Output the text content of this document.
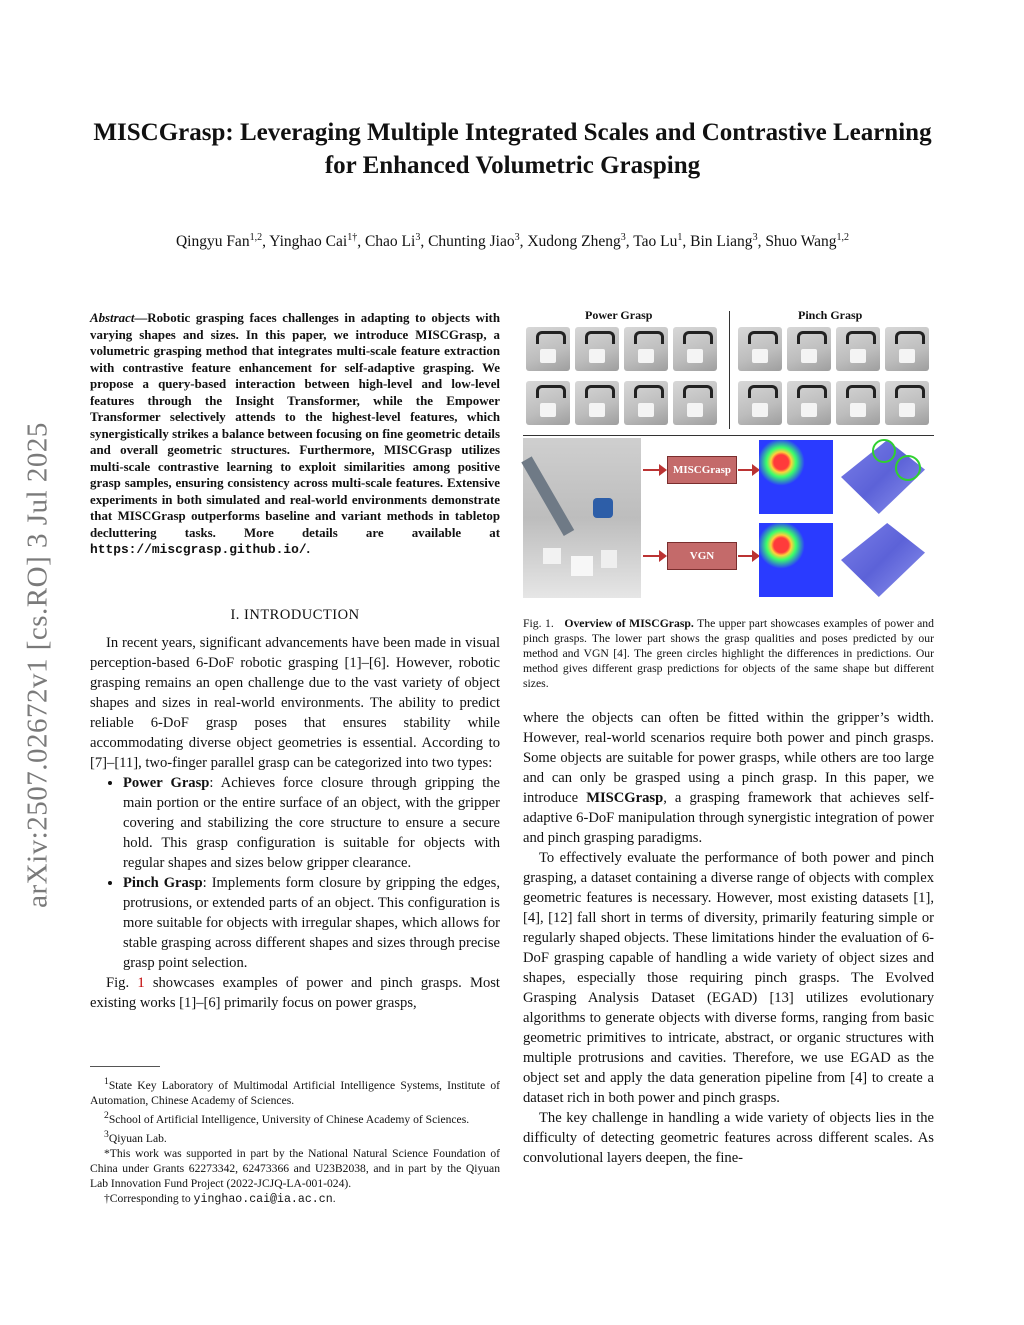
arXiv:2507.02672v1 [cs.RO] 3 Jul 2025
MISCGrasp: Leveraging Multiple Integrated Scales and Contrastive Learning for Enhanced Volumetric Grasping
Qingyu Fan$^{1,2}$, Yinghao Cai$^{1\dagger}$, Chao Li$^3$, Chunting Jiao$^3$, Xudong Zheng$^3$, Tao Lu$^1$, Bin Liang$^3$, Shuo Wang$^{1,2}$
Abstract—Robotic grasping faces challenges in adapting to objects with varying shapes and sizes. In this paper, we introduce MISCGrasp, a volumetric grasping method that integrates multi-scale feature extraction with contrastive feature enhancement for self-adaptive grasping. We propose a query-based interaction between high-level and low-level features through the Insight Transformer, while the Empower Transformer selectively attends to the highest-level features, which synergistically strikes a balance between focusing on fine geometric details and overall geometric structures. Furthermore, MISCGrasp utilizes multi-scale contrastive learning to exploit similarities among positive grasp samples, ensuring consistency across multi-scale features. Extensive experiments in both simulated and real-world environments demonstrate that MISCGrasp outperforms baseline and variant methods in tabletop decluttering tasks. More details are available at https://miscgrasp.github.io/.
I. INTRODUCTION

In recent years, significant advancements have been made in visual perception-based 6-DoF robotic grasping [1]–[6]. However, robotic grasping remains an open challenge due to the vast variety of object shapes and sizes in real-world environments. The ability to predict reliable 6-DoF grasp poses that ensures stability while accommodating diverse object geometries is essential. According to [7]–[11], two-finger parallel grasp can be categorized into two types:

• Power Grasp: Achieves force closure through gripping the main portion or the entire surface of an object, with the gripper covering and stabilizing the core structure to ensure a secure hold. This grasp configuration is suitable for objects with regular shapes and sizes below gripper clearance.
• Pinch Grasp: Implements form closure by gripping the edges, protrusions, or extended parts of an object. This configuration is more suitable for objects with irregular shapes, which allows for stable grasping across different shapes and sizes through precise grasp point selection.

Fig. 1 showcases examples of power and pinch grasps. Most existing works [1]–[6] primarily focus on power grasps,

$^1$State Key Laboratory of Multimodal Artificial Intelligence Systems, Institute of Automation, Chinese Academy of Sciences.

$^2$School of Artificial Intelligence, University of Chinese Academy of Sciences.

$^3$Qiyuan Lab.

*This work was supported in part by the National Natural Science Foundation of China under Grants 62273342, 62473366 and U23B2038, and in part by the Qiyuan Lab Innovation Fund Project (2022-JCJQ-LA-001-024).

†Corresponding to yinghao.cai@ia.ac.cn.

Power Grasp	Pinch Grasp
MISCGrasp
VGN
Fig. 1. Overview of MISCGrasp. The upper part showcases examples of power and pinch grasps. The lower part shows the grasp qualities and poses predicted by our method and VGN [4]. The green circles highlight the differences in predictions. Our method gives different grasp predictions for objects of the same shape but different sizes.

where the objects can often be fitted within the gripper’s width. However, real-world scenarios require both power and pinch grasps. Some objects are suitable for power grasps, while others are too large and can only be grasped using a pinch grasp. In this paper, we introduce MISCGrasp, a grasping framework that achieves self-adaptive 6-DoF manipulation through synergistic integration of power and pinch grasping paradigms.

To effectively evaluate the performance of both power and pinch grasping, a dataset containing a diverse range of objects with complex geometric features is necessary. However, most existing datasets [1], [4], [12] fall short in terms of diversity, primarily featuring simple or regularly shaped objects. These limitations hinder the evaluation of 6-DoF grasping capable of handling a wide variety of object sizes and shapes, especially those requiring pinch grasps. The Evolved Grasping Analysis Dataset (EGAD) [13] utilizes evolutionary algorithms to generate objects with diverse forms, ranging from basic geometric primitives to intricate, abstract, or organic structures with multiple protrusions and cavities. Therefore, we use EGAD as the object set and apply the data generation pipeline from [4] to create a dataset rich in both power and pinch grasps.

The key challenge in handling a wide variety of objects lies in the difficulty of detecting geometric features across different scales. As convolutional layers deepen, the fine-
